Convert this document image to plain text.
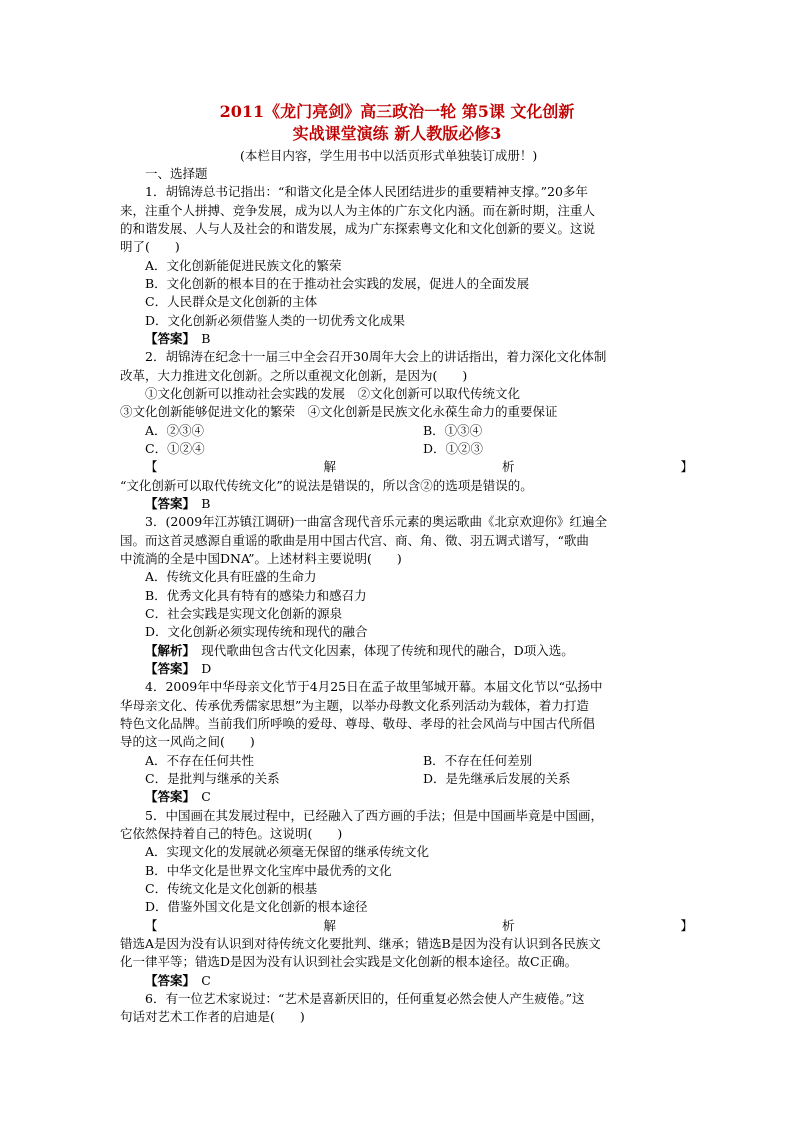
2011《龙门亮剑》高三政治一轮 第5课 文化创新
实战课堂演练 新人教版必修3
(本栏目内容，学生用书中以活页形式单独装订成册！)
一、选择题
1．胡锦涛总书记指出：“和谐文化是全体人民团结进步的重要精神支撑。”20多年
来，注重个人拼搏、竞争发展，成为以人为主体的广东文化内涵。而在新时期，注重人
的和谐发展、人与人及社会的和谐发展，成为广东探索粤文化和文化创新的要义。这说
明了(　　)
A．文化创新能促进民族文化的繁荣
B．文化创新的根本目的在于推动社会实践的发展，促进人的全面发展
C．人民群众是文化创新的主体
D．文化创新必须借鉴人类的一切优秀文化成果
【答案】　B
2．胡锦涛在纪念十一届三中全会召开30周年大会上的讲话指出，着力深化文化体制
改革，大力推进文化创新。之所以重视文化创新，是因为(　　)
①文化创新可以推动社会实践的发展　②文化创新可以取代传统文化
③文化创新能够促进文化的繁荣　④文化创新是民族文化永葆生命力的重要保证
A．②③④	B．①③④
C．①②④	D．①②③
【	解	析	】
“文化创新可以取代传统文化”的说法是错误的，所以含②的选项是错误的。
【答案】　B
3．(2009年江苏镇江调研)一曲富含现代音乐元素的奥运歌曲《北京欢迎你》红遍全
国。而这首灵感源自重谣的歌曲是用中国古代宫、商、角、徵、羽五调式谱写，“歌曲
中流淌的全是中国DNA”。上述材料主要说明(　　)
A．传统文化具有旺盛的生命力
B．优秀文化具有特有的感染力和感召力
C．社会实践是实现文化创新的源泉
D．文化创新必须实现传统和现代的融合
【解析】　现代歌曲包含古代文化因素，体现了传统和现代的融合，D项入选。
【答案】　D
4．2009年中华母亲文化节于4月25日在孟子故里邹城开幕。本届文化节以“弘扬中
华母亲文化、传承优秀儒家思想”为主题，以举办母教文化系列活动为载体，着力打造
特色文化品牌。当前我们所呼唤的爱母、尊母、敬母、孝母的社会风尚与中国古代所倡
导的这一风尚之间(　　)
A．不存在任何共性	B．不存在任何差别
C．是批判与继承的关系	D．是先继承后发展的关系
【答案】　C
5．中国画在其发展过程中，已经融入了西方画的手法；但是中国画毕竟是中国画，
它依然保持着自己的特色。这说明(　　)
A．实现文化的发展就必须毫无保留的继承传统文化
B．中华文化是世界文化宝库中最优秀的文化
C．传统文化是文化创新的根基
D．借鉴外国文化是文化创新的根本途径
【	解	析	】
错选A是因为没有认识到对待传统文化要批判、继承；错选B是因为没有认识到各民族文
化一律平等；错选D是因为没有认识到社会实践是文化创新的根本途径。故C正确。
【答案】　C
6．有一位艺术家说过：“艺术是喜新厌旧的，任何重复必然会使人产生疲倦。”这
句话对艺术工作者的启迪是(　　)
